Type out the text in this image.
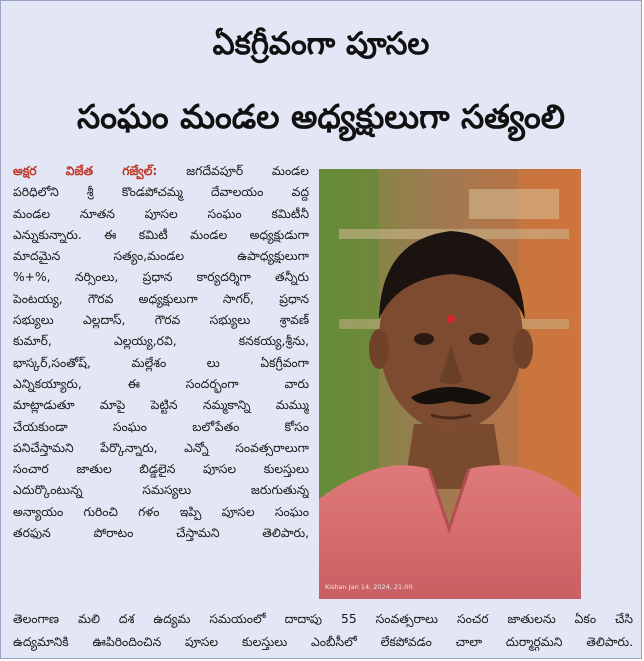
ఏకగ్రీవంగా పూసల
సంఘం మండల అధ్యక్షులుగా సత్యంలి
అక్షర విజేత గజ్వేల్: జగదేవపూర్ మండల
పరిధిలోని శ్రీ కొండపోచమ్మ దేవాలయం వద్ద
మండల నూతన పూసల సంఘం కమిటీనీ
ఎన్నుకున్నారు. ఈ కమిటీ మండల అధ్యక్షుడుగా
మాదమైన సత్యం,మండల ఉపాధ్యక్షులుగా
%+%, నర్సింలు, ప్రధాన కార్యదర్శిగా తన్నీరు
పెంటయ్య, గౌరవ అధ్యక్షులుగా సాగర్, ప్రధాన
సభ్యులు ఎల్లదాస్, గౌరవ సభ్యులు శ్రావణ్
కుమార్, ఎల్లయ్య,రవి, కనకయ్య,శ్రీను,
భాస్కర్,సంతోష్, మల్లేశం లు ఏకగ్రీవంగా
ఎన్నికయ్యారు, ఈ సందర్భంగా వారు
మాట్లాడుతూ మాపై పెట్టిన నమ్మకాన్ని మమ్ము
చేయకుండా సంఘం బలోపేతం కోసం
పనిచేస్తామని పేర్కొన్నారు, ఎన్నో సంవత్సరాలుగా
సంచార జాతుల బిడ్డలైన పూసల కులస్తులు
ఎదుర్కొంటున్న సమస్యలు జరుగుతున్న
అన్యాయం గురించి గళం ఇప్పి పూసల సంఘం
తరఫున పోరాటం చేస్తామని తెలిపారు,
Kishan Jan 14, 2024, 21:00
తెలంగాణ మలి దశ ఉద్యమ సమయంలో దాదాపు 55 సంవత్సరాలు సంచర జాతులను ఏకం చేసి
ఉద్యమానికి ఊపిరిందించిన పూసల కులస్తులు ఎంబీసీలో లేకపోవడం చాలా దుర్మార్గమని తెలిపారు.
